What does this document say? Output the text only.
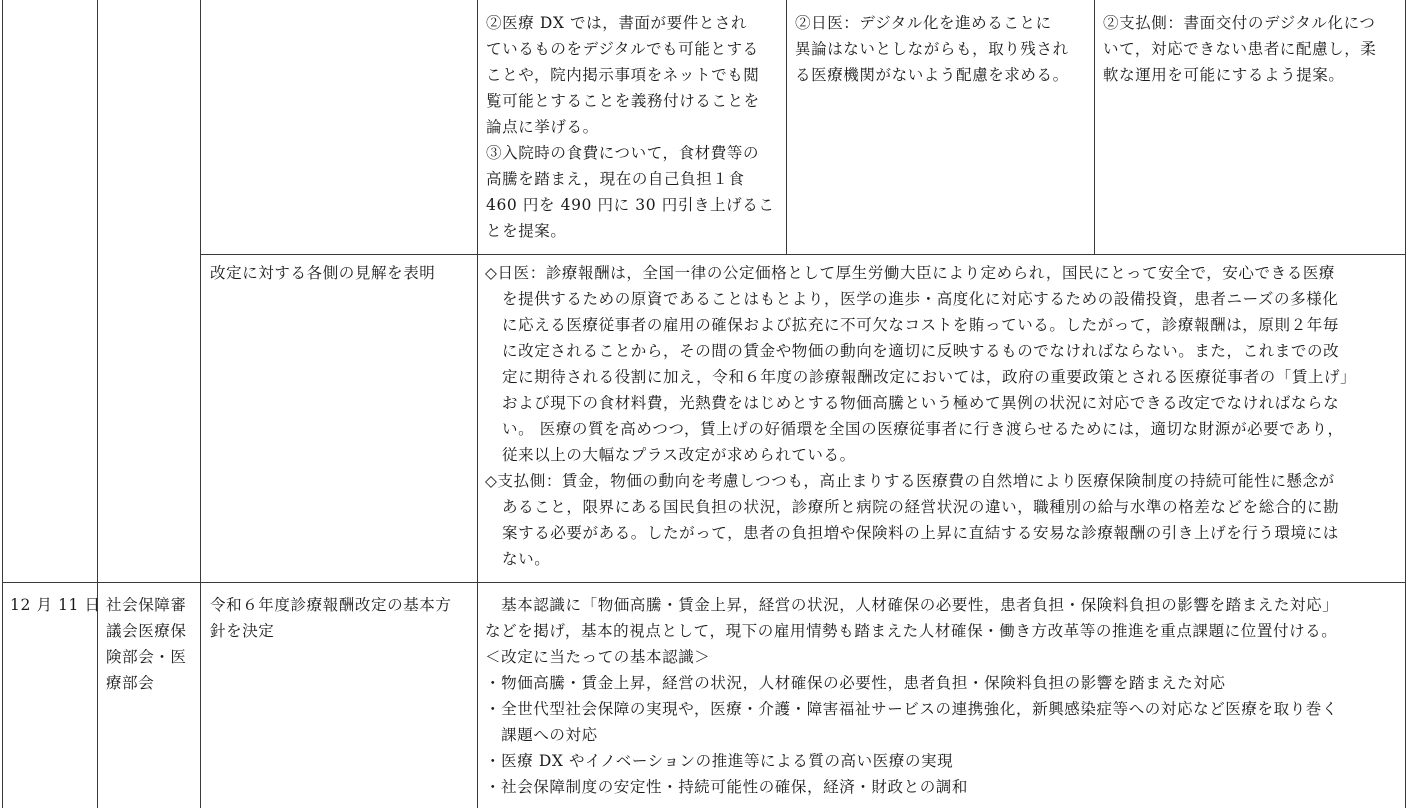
②医療 DX では，書面が要件とされ
ているものをデジタルでも可能とする
ことや，院内掲示事項をネットでも閲
覧可能とすることを義務付けることを
論点に挙げる。
③入院時の食費について，食材費等の
高騰を踏まえ，現在の自己負担１食
460 円を 490 円に 30 円引き上げるこ
とを提案。
②日医：デジタル化を進めることに
異論はないとしながらも，取り残され
る医療機関がないよう配慮を求める。
②支払側：書面交付のデジタル化につ
いて，対応できない患者に配慮し，柔
軟な運用を可能にするよう提案。
改定に対する各側の見解を表明	◇日医：診療報酬は，全国一律の公定価格として厚生労働大臣により定められ，国民にとって安全で，安心できる医療
を提供するための原資であることはもとより，医学の進歩・高度化に対応するための設備投資，患者ニーズの多様化
に応える医療従事者の雇用の確保および拡充に不可欠なコストを賄っている。したがって，診療報酬は，原則２年毎
に改定されることから，その間の賃金や物価の動向を適切に反映するものでなければならない。また，これまでの改
定に期待される役割に加え，令和６年度の診療報酬改定においては，政府の重要政策とされる医療従事者の「賃上げ」
および現下の食材料費，光熱費をはじめとする物価高騰という極めて異例の状況に対応できる改定でなければならな
い。 医療の質を高めつつ，賃上げの好循環を全国の医療従事者に行き渡らせるためには，適切な財源が必要であり，
従来以上の大幅なプラス改定が求められている。
◇支払側：賃金，物価の動向を考慮しつつも，高止まりする医療費の自然増により医療保険制度の持続可能性に懸念が
あること，限界にある国民負担の状況，診療所と病院の経営状況の違い，職種別の給与水準の格差などを総合的に勘
案する必要がある。したがって，患者の負担増や保険料の上昇に直結する安易な診療報酬の引き上げを行う環境には
ない。
12 月 11 日 社会保障審
議会医療保
険部会・医
療部会
令和６年度診療報酬改定の基本方
針を決定
　基本認識に「物価高騰・賃金上昇，経営の状況，人材確保の必要性，患者負担・保険料負担の影響を踏まえた対応」
などを掲げ，基本的視点として，現下の雇用情勢も踏まえた人材確保・働き方改革等の推進を重点課題に位置付ける。
＜改定に当たっての基本認識＞
・物価高騰・賃金上昇，経営の状況，人材確保の必要性，患者負担・保険料負担の影響を踏まえた対応
・全世代型社会保障の実現や，医療・介護・障害福祉サービスの連携強化，新興感染症等への対応など医療を取り巻く
　課題への対応
・医療 DX やイノベーションの推進等による質の高い医療の実現
・社会保障制度の安定性・持続可能性の確保，経済・財政との調和
